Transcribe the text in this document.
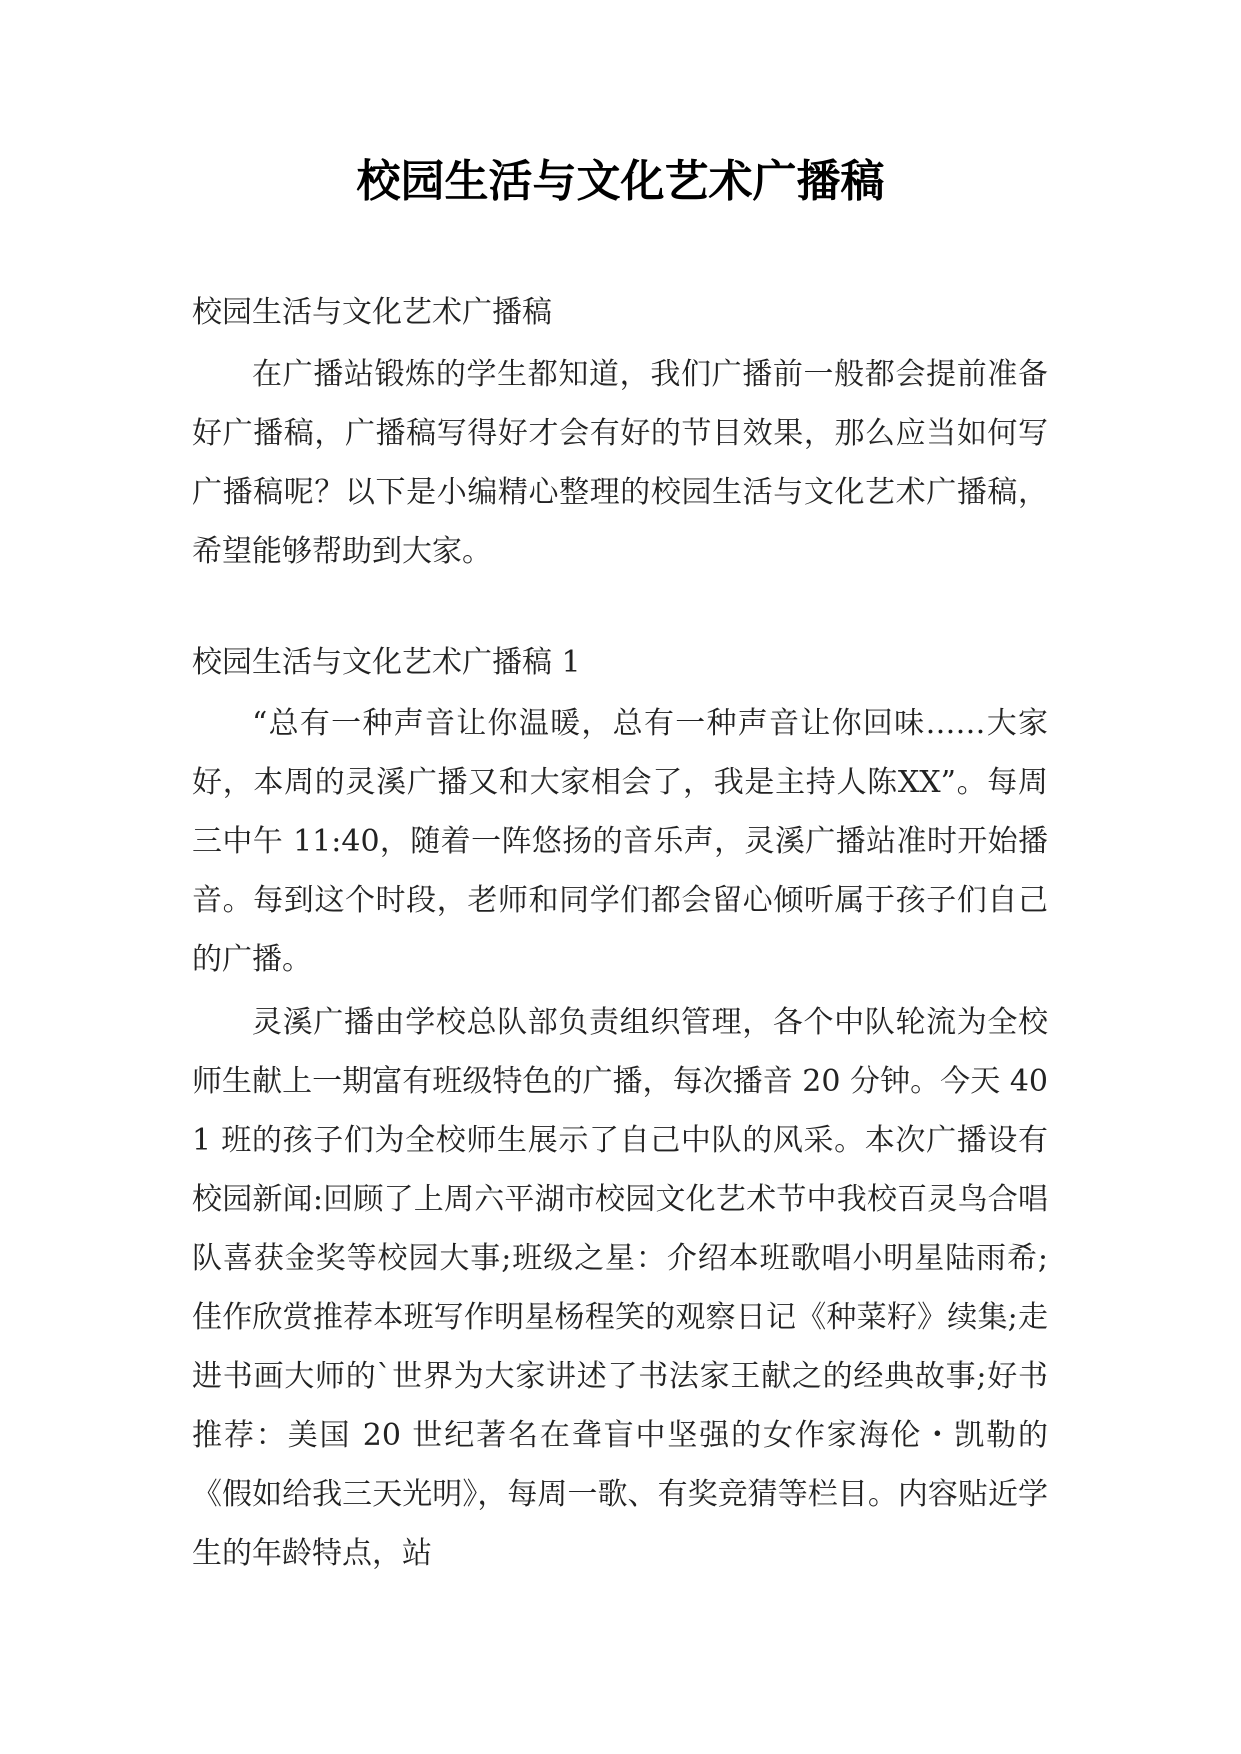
校园生活与文化艺术广播稿

校园生活与文化艺术广播稿

在广播站锻炼的学生都知道，我们广播前一般都会提前准备好广播稿，广播稿写得好才会有好的节目效果，那么应当如何写广播稿呢？以下是小编精心整理的校园生活与文化艺术广播稿，希望能够帮助到大家。

校园生活与文化艺术广播稿 1

“总有一种声音让你温暖，总有一种声音让你回味……大家好，本周的灵溪广播又和大家相会了，我是主持人陈XX”。每周三中午 11:40，随着一阵悠扬的音乐声，灵溪广播站准时开始播音。每到这个时段，老师和同学们都会留心倾听属于孩子们自己的广播。

灵溪广播由学校总队部负责组织管理，各个中队轮流为全校师生献上一期富有班级特色的广播，每次播音 20 分钟。今天 401 班的孩子们为全校师生展示了自己中队的风采。本次广播设有校园新闻:回顾了上周六平湖市校园文化艺术节中我校百灵鸟合唱队喜获金奖等校园大事;班级之星：介绍本班歌唱小明星陆雨希;佳作欣赏推荐本班写作明星杨程笑的观察日记《种菜籽》续集;走进书画大师的`世界为大家讲述了书法家王献之的经典故事;好书推荐：美国 20 世纪著名在聋盲中坚强的女作家海伦・凯勒的《假如给我三天光明》，每周一歌、有奖竞猜等栏目。内容贴近学生的年龄特点，站
